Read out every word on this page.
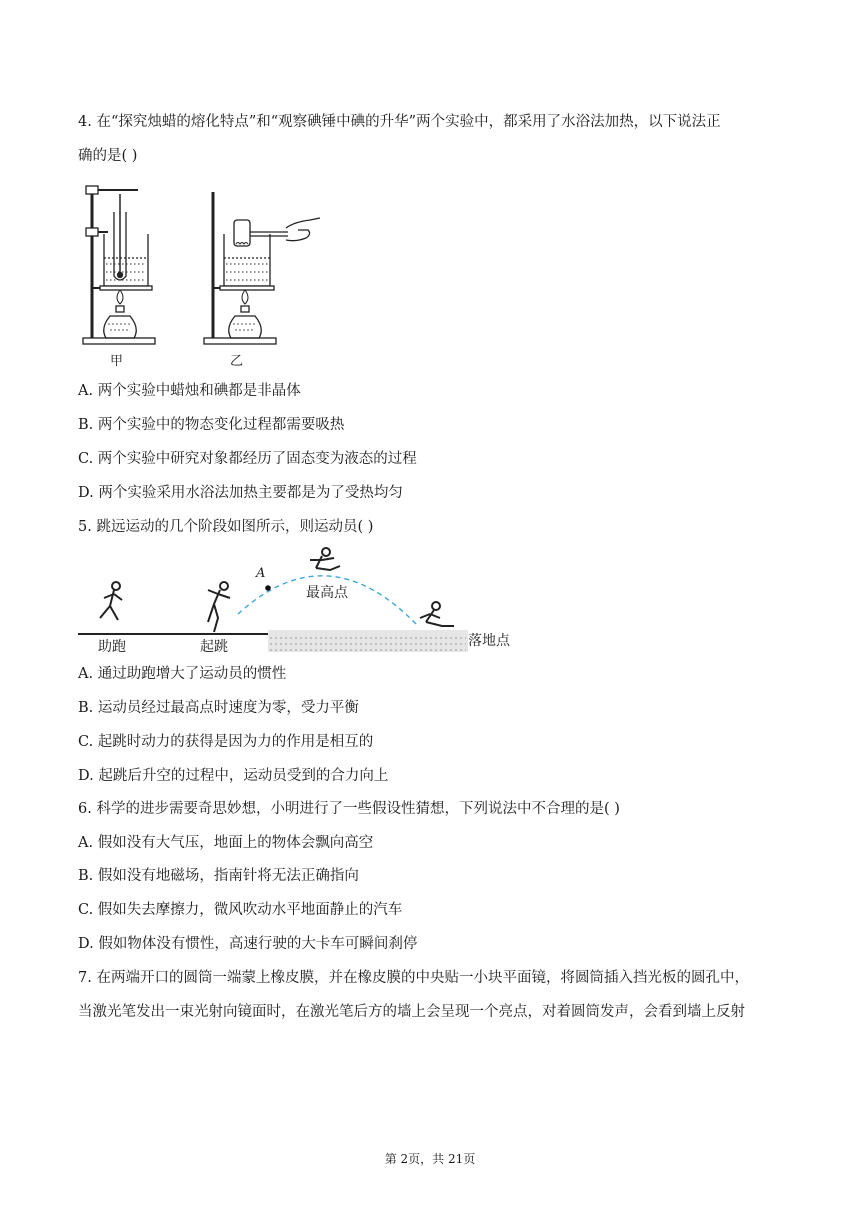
4. 在“探究烛蜡的熔化特点”和“观察碘锤中碘的升华”两个实验中，都采用了水浴法加热，以下说法正
确的是( )
甲	乙
A. 两个实验中蜡烛和碘都是非晶体
B. 两个实验中的物态变化过程都需要吸热
C. 两个实验中研究对象都经历了固态变为液态的过程
D. 两个实验采用水浴法加热主要都是为了受热均匀
5. 跳远运动的几个阶段如图所示，则运动员( )
助跑	起跳
A
最高点
落地点
A. 通过助跑增大了运动员的惯性
B. 运动员经过最高点时速度为零，受力平衡
C. 起跳时动力的获得是因为力的作用是相互的
D. 起跳后升空的过程中，运动员受到的合力向上
6. 科学的进步需要奇思妙想，小明进行了一些假设性猜想，下列说法中不合理的是( )
A. 假如没有大气压，地面上的物体会飘向高空
B. 假如没有地磁场，指南针将无法正确指向
C. 假如失去摩擦力，微风吹动水平地面静止的汽车
D. 假如物体没有惯性，高速行驶的大卡车可瞬间刹停
7. 在两端开口的圆筒一端蒙上橡皮膜，并在橡皮膜的中央贴一小块平面镜，将圆筒插入挡光板的圆孔中，
当激光笔发出一束光射向镜面时，在激光笔后方的墙上会呈现一个亮点，对着圆筒发声，会看到墙上反射
第 2页，共 21页
